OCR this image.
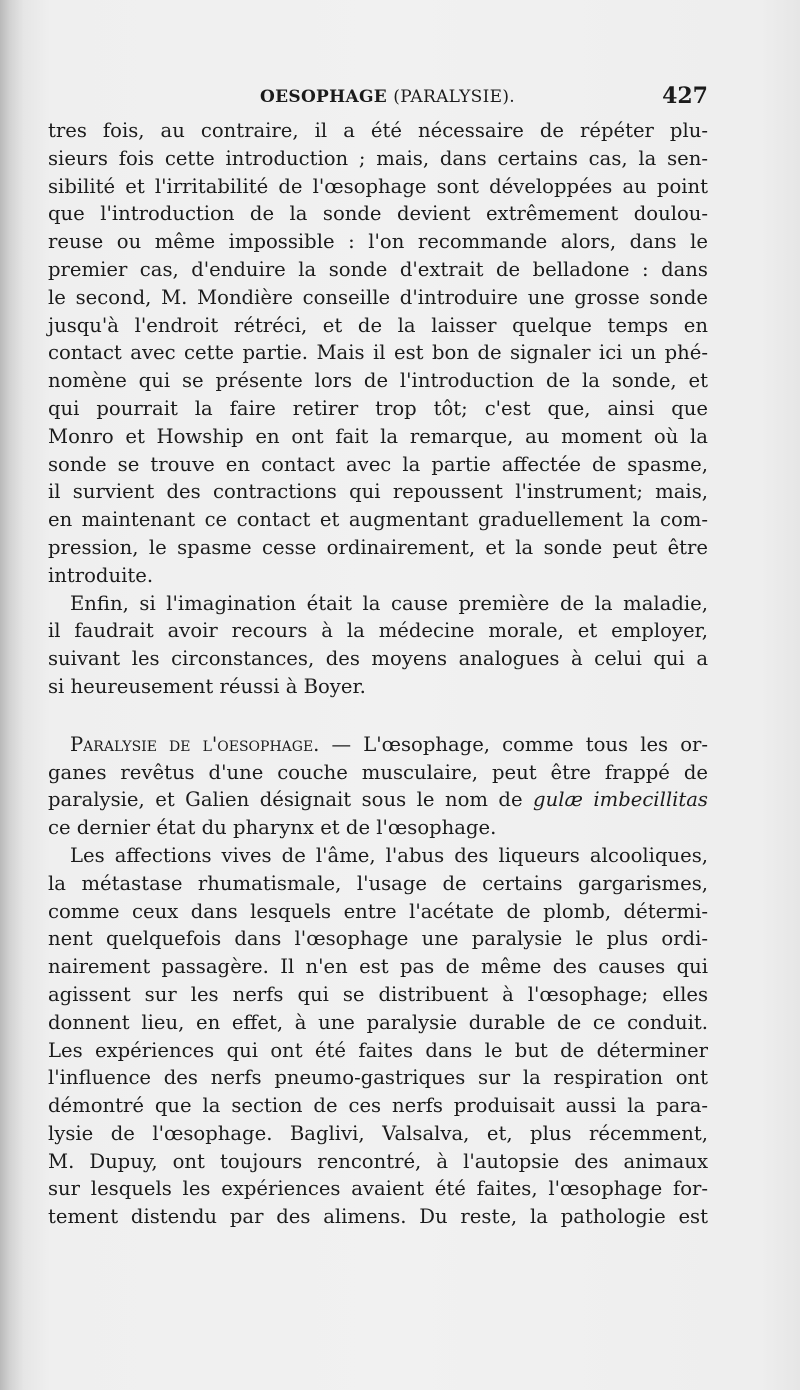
OESOPHAGE (PARALYSIE).	427
tres fois, au contraire, il a été nécessaire de répéter plu-
sieurs fois cette introduction ; mais, dans certains cas, la sen-
sibilité et l'irritabilité de l'œsophage sont développées au point
que l'introduction de la sonde devient extrêmement doulou-
reuse ou même impossible : l'on recommande alors, dans le
premier cas, d'enduire la sonde d'extrait de belladone : dans
le second, M. Mondière conseille d'introduire une grosse sonde
jusqu'à l'endroit rétréci, et de la laisser quelque temps en
contact avec cette partie. Mais il est bon de signaler ici un phé-
nomène qui se présente lors de l'introduction de la sonde, et
qui pourrait la faire retirer trop tôt; c'est que, ainsi que
Monro et Howship en ont fait la remarque, au moment où la
sonde se trouve en contact avec la partie affectée de spasme,
il survient des contractions qui repoussent l'instrument; mais,
en maintenant ce contact et augmentant graduellement la com-
pression, le spasme cesse ordinairement, et la sonde peut être
introduite.
Enfin, si l'imagination était la cause première de la maladie,
il faudrait avoir recours à la médecine morale, et employer,
suivant les circonstances, des moyens analogues à celui qui a
si heureusement réussi à Boyer.
Paralysie de l'oesophage. — L'œsophage, comme tous les or-
ganes revêtus d'une couche musculaire, peut être frappé de
paralysie, et Galien désignait sous le nom de gulæ imbecillitas
ce dernier état du pharynx et de l'œsophage.
Les affections vives de l'âme, l'abus des liqueurs alcooliques,
la métastase rhumatismale, l'usage de certains gargarismes,
comme ceux dans lesquels entre l'acétate de plomb, détermi-
nent quelquefois dans l'œsophage une paralysie le plus ordi-
nairement passagère. Il n'en est pas de même des causes qui
agissent sur les nerfs qui se distribuent à l'œsophage; elles
donnent lieu, en effet, à une paralysie durable de ce conduit.
Les expériences qui ont été faites dans le but de déterminer
l'influence des nerfs pneumo-gastriques sur la respiration ont
démontré que la section de ces nerfs produisait aussi la para-
lysie de l'œsophage. Baglivi, Valsalva, et, plus récemment,
M. Dupuy, ont toujours rencontré, à l'autopsie des animaux
sur lesquels les expériences avaient été faites, l'œsophage for-
tement distendu par des alimens. Du reste, la pathologie est
